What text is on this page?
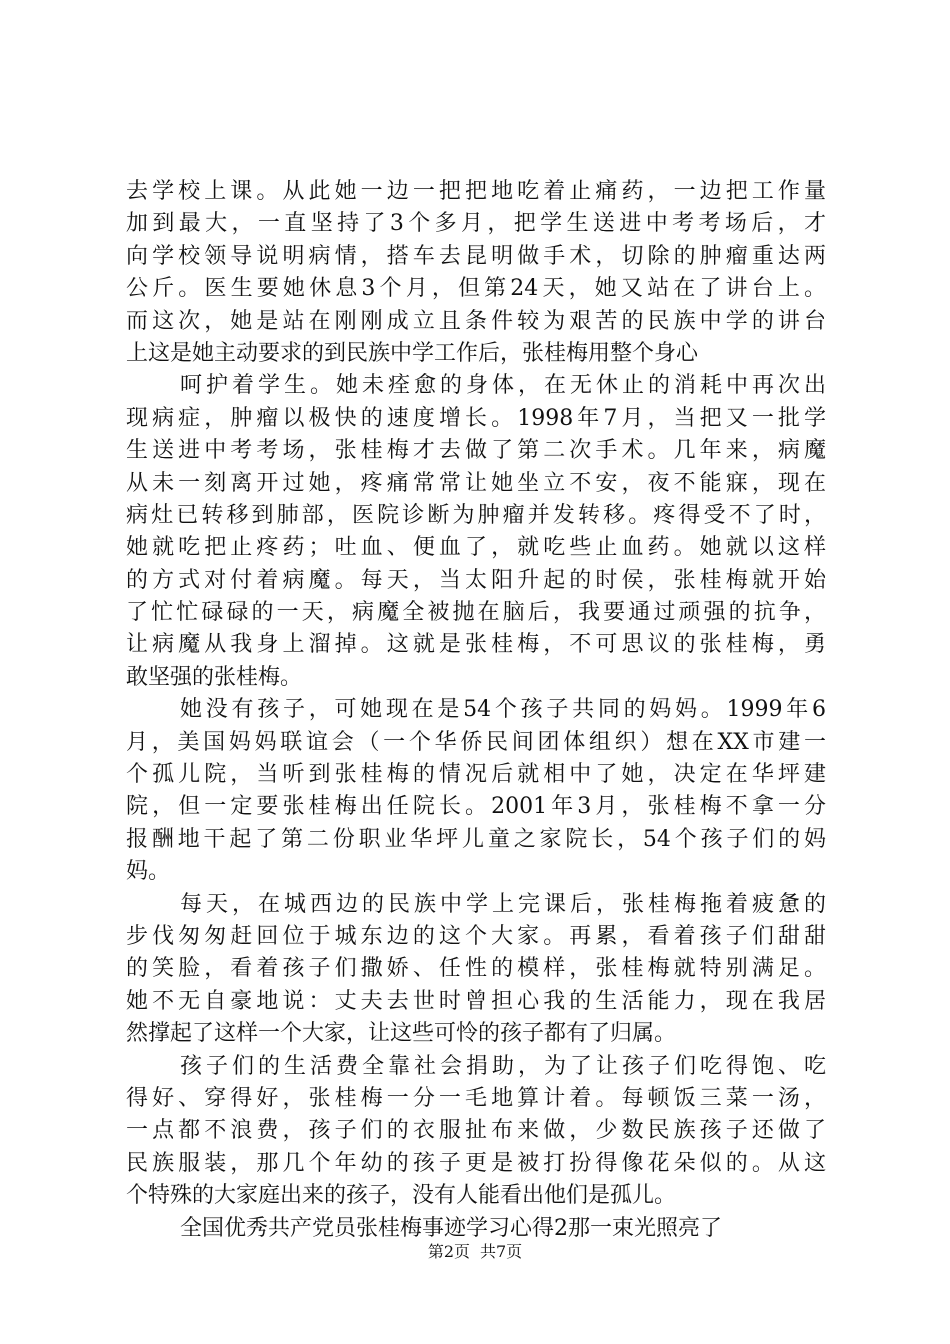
去学校上课。从此她一边一把把地吃着止痛药，一边把工作量
加到最大，一直坚持了3个多月，把学生送进中考考场后，才
向学校领导说明病情，搭车去昆明做手术，切除的肿瘤重达两
公斤。医生要她休息3个月，但第24天，她又站在了讲台上。
而这次，她是站在刚刚成立且条件较为艰苦的民族中学的讲台
上这是她主动要求的到民族中学工作后，张桂梅用整个身心
呵护着学生。她未痊愈的身体，在无休止的消耗中再次出
现病症，肿瘤以极快的速度增长。1998年7月，当把又一批学
生送进中考考场，张桂梅才去做了第二次手术。几年来，病魔
从未一刻离开过她，疼痛常常让她坐立不安，夜不能寐，现在
病灶已转移到肺部，医院诊断为肿瘤并发转移。疼得受不了时，
她就吃把止疼药；吐血、便血了，就吃些止血药。她就以这样
的方式对付着病魔。每天，当太阳升起的时侯，张桂梅就开始
了忙忙碌碌的一天，病魔全被抛在脑后，我要通过顽强的抗争，
让病魔从我身上溜掉。这就是张桂梅，不可思议的张桂梅，勇
敢坚强的张桂梅。
她没有孩子，可她现在是54个孩子共同的妈妈。1999年6
月，美国妈妈联谊会（一个华侨民间团体组织）想在XX市建一
个孤儿院，当听到张桂梅的情况后就相中了她，决定在华坪建
院，但一定要张桂梅出任院长。2001年3月，张桂梅不拿一分
报酬地干起了第二份职业华坪儿童之家院长，54个孩子们的妈
妈。
每天，在城西边的民族中学上完课后，张桂梅拖着疲惫的
步伐匆匆赶回位于城东边的这个大家。再累，看着孩子们甜甜
的笑脸，看着孩子们撒娇、任性的模样，张桂梅就特别满足。
她不无自豪地说：丈夫去世时曾担心我的生活能力，现在我居
然撑起了这样一个大家，让这些可怜的孩子都有了归属。
孩子们的生活费全靠社会捐助，为了让孩子们吃得饱、吃
得好、穿得好，张桂梅一分一毛地算计着。每顿饭三菜一汤，
一点都不浪费，孩子们的衣服扯布来做，少数民族孩子还做了
民族服装，那几个年幼的孩子更是被打扮得像花朵似的。从这
个特殊的大家庭出来的孩子，没有人能看出他们是孤儿。
全国优秀共产党员张桂梅事迹学习心得2那一束光照亮了
第2页 共7页
